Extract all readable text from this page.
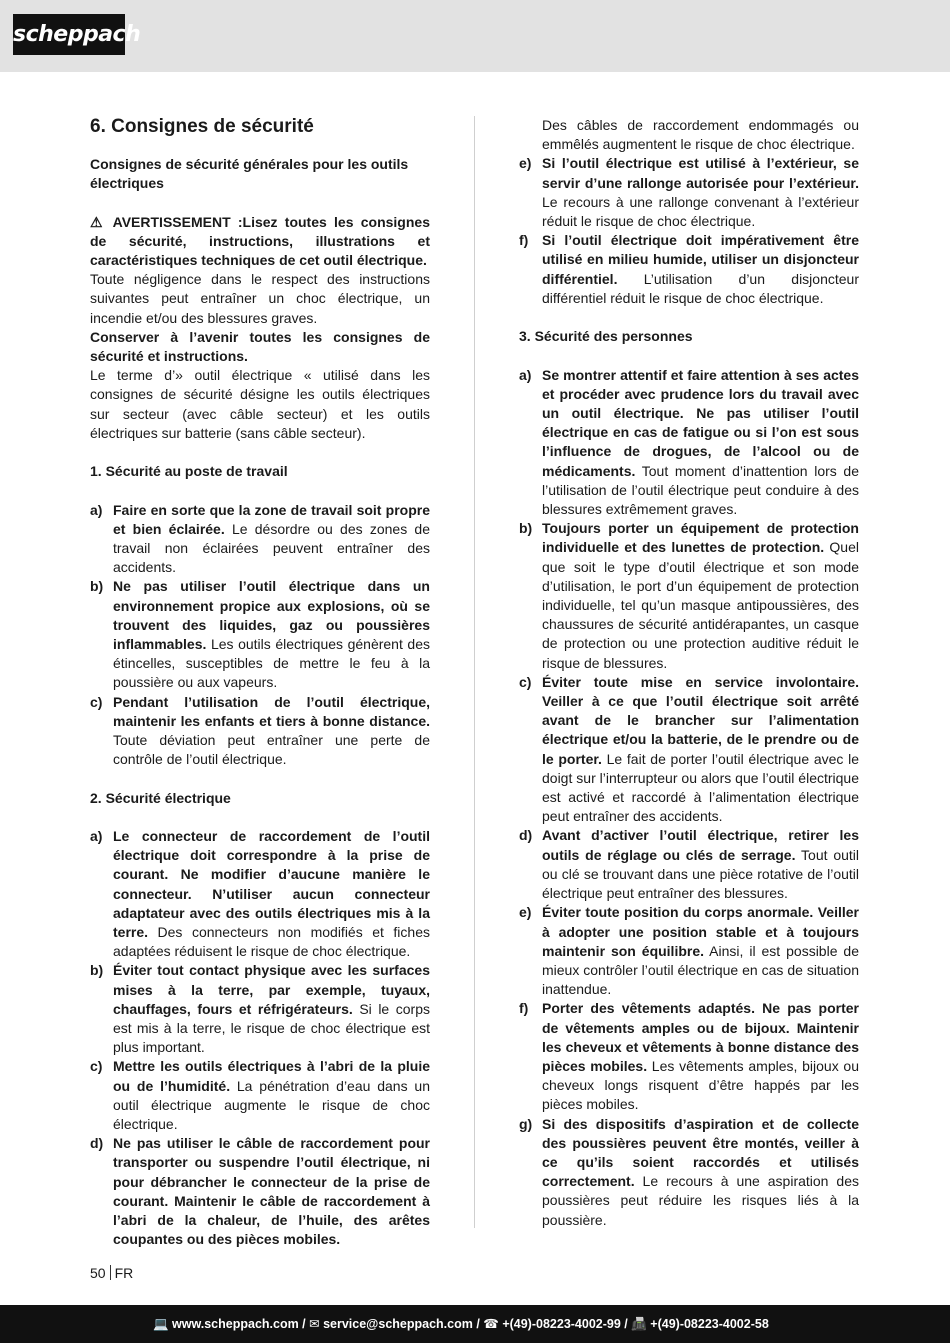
scheppach
6. Consignes de sécurité

Consignes de sécurité générales pour les outils électriques

⚠ AVERTISSEMENT :Lisez toutes les consignes de sécurité, instructions, illustrations et caractéristiques techniques de cet outil électrique.

Toute négligence dans le respect des instructions suivantes peut entraîner un choc électrique, un incendie et/ou des blessures graves.

Conserver à l’avenir toutes les consignes de sécurité et instructions.

Le terme d’» outil électrique « utilisé dans les consignes de sécurité désigne les outils électriques sur secteur (avec câble secteur) et les outils électriques sur batterie (sans câble secteur).

1. Sécurité au poste de travail

a) Faire en sorte que la zone de travail soit propre et bien éclairée. Le désordre ou des zones de travail non éclairées peuvent entraîner des accidents.

b) Ne pas utiliser l’outil électrique dans un environnement propice aux explosions, où se trouvent des liquides, gaz ou poussières inflammables. Les outils électriques génèrent des étincelles, susceptibles de mettre le feu à la poussière ou aux vapeurs.

c) Pendant l’utilisation de l’outil électrique, maintenir les enfants et tiers à bonne distance. Toute déviation peut entraîner une perte de contrôle de l’outil électrique.

2. Sécurité électrique

a) Le connecteur de raccordement de l’outil électrique doit correspondre à la prise de courant. Ne modifier d’aucune manière le connecteur. N’utiliser aucun connecteur adaptateur avec des outils électriques mis à la terre. Des connecteurs non modifiés et fiches adaptées réduisent le risque de choc électrique.

b) Éviter tout contact physique avec les surfaces mises à la terre, par exemple, tuyaux, chauffages, fours et réfrigérateurs. Si le corps est mis à la terre, le risque de choc électrique est plus important.

c) Mettre les outils électriques à l’abri de la pluie ou de l’humidité. La pénétration d’eau dans un outil électrique augmente le risque de choc électrique.

d) Ne pas utiliser le câble de raccordement pour transporter ou suspendre l’outil électrique, ni pour débrancher le connecteur de la prise de courant. Maintenir le câble de raccordement à l’abri de la chaleur, de l’huile, des arêtes coupantes ou des pièces mobiles.

Des câbles de raccordement endommagés ou emmêlés augmentent le risque de choc électrique.

e) Si l’outil électrique est utilisé à l’extérieur, se servir d’une rallonge autorisée pour l’extérieur. Le recours à une rallonge convenant à l’extérieur réduit le risque de choc électrique.

f) Si l’outil électrique doit impérativement être utilisé en milieu humide, utiliser un disjoncteur différentiel. L’utilisation d’un disjoncteur différentiel réduit le risque de choc électrique.

3. Sécurité des personnes

a) Se montrer attentif et faire attention à ses actes et procéder avec prudence lors du travail avec un outil électrique. Ne pas utiliser l’outil électrique en cas de fatigue ou si l’on est sous l’influence de drogues, de l’alcool ou de médicaments. Tout moment d’inattention lors de l’utilisation de l’outil électrique peut conduire à des blessures extrêmement graves.

b) Toujours porter un équipement de protection individuelle et des lunettes de protection. Quel que soit le type d’outil électrique et son mode d’utilisation, le port d’un équipement de protection individuelle, tel qu’un masque antipoussières, des chaussures de sécurité antidérapantes, un casque de protection ou une protection auditive réduit le risque de blessures.

c) Éviter toute mise en service involontaire. Veiller à ce que l’outil électrique soit arrêté avant de le brancher sur l’alimentation électrique et/ou la batterie, de le prendre ou de le porter. Le fait de porter l’outil électrique avec le doigt sur l’interrupteur ou alors que l’outil électrique est activé et raccordé à l’alimentation électrique peut entraîner des accidents.

d) Avant d’activer l’outil électrique, retirer les outils de réglage ou clés de serrage. Tout outil ou clé se trouvant dans une pièce rotative de l’outil électrique peut entraîner des blessures.

e) Éviter toute position du corps anormale. Veiller à adopter une position stable et à toujours maintenir son équilibre. Ainsi, il est possible de mieux contrôler l’outil électrique en cas de situation inattendue.

f) Porter des vêtements adaptés. Ne pas porter de vêtements amples ou de bijoux. Maintenir les cheveux et vêtements à bonne distance des pièces mobiles. Les vêtements amples, bijoux ou cheveux longs risquent d’être happés par les pièces mobiles.

g) Si des dispositifs d’aspiration et de collecte des poussières peuvent être montés, veiller à ce qu’ils soient raccordés et utilisés correctement. Le recours à une aspiration des poussières peut réduire les risques liés à la poussière.

50 FR
💻 www.scheppach.com / ✉ service@scheppach.com / ☎ +(49)-08223-4002-99 / 📠 +(49)-08223-4002-58
